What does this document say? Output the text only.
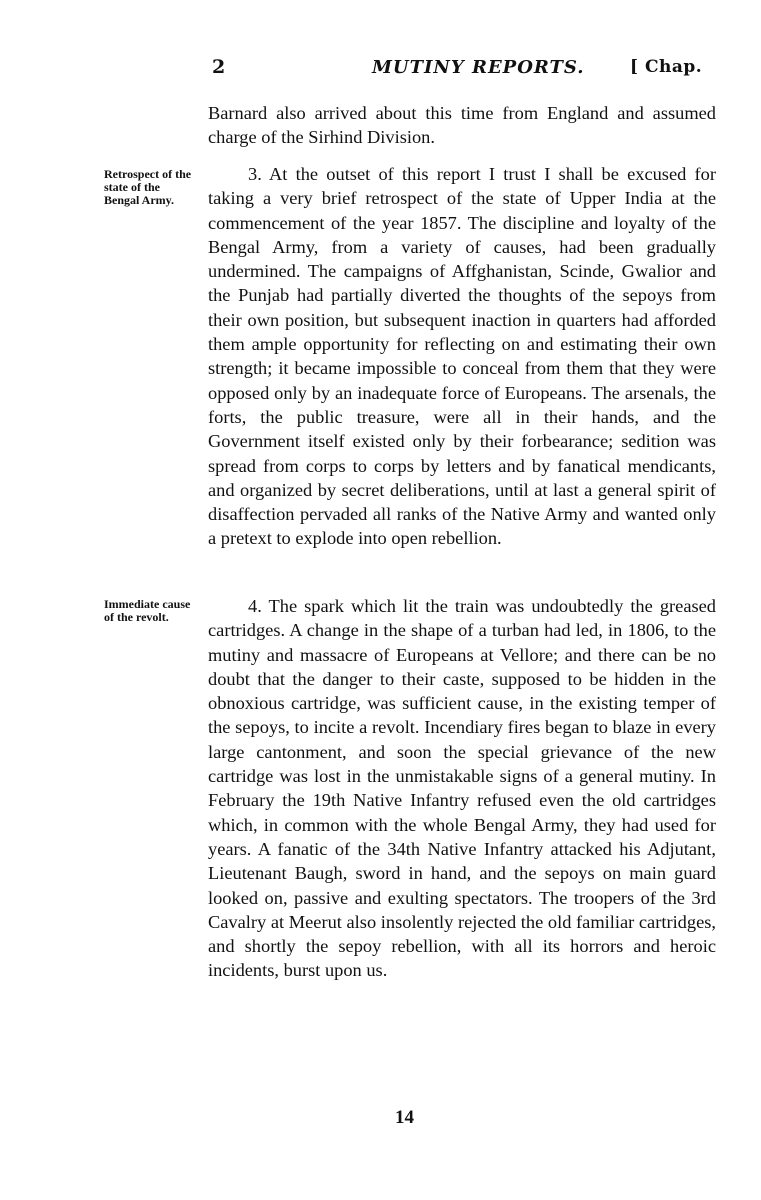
2	MUTINY REPORTS.	[ Chap.

Barnard also arrived about this time from England and assumed charge of the Sirhind Division.

Retrospect of the state of the Bengal Army.

3. At the outset of this report I trust I shall be excused for taking a very brief retrospect of the state of Upper India at the commencement of the year 1857. The discipline and loyalty of the Bengal Army, from a variety of causes, had been gradually undermined. The campaigns of Affghanistan, Scinde, Gwalior and the Punjab had partially diverted the thoughts of the sepoys from their own position, but subsequent inaction in quarters had afforded them ample opportunity for reflecting on and estimating their own strength; it became impossible to conceal from them that they were opposed only by an inadequate force of Europeans. The arsenals, the forts, the public treasure, were all in their hands, and the Government itself existed only by their forbearance; sedition was spread from corps to corps by letters and by fanatical mendicants, and organized by secret deliberations, until at last a general spirit of disaffection pervaded all ranks of the Native Army and wanted only a pretext to explode into open rebellion.

Immediate cause of the revolt.

4. The spark which lit the train was undoubtedly the greased cartridges. A change in the shape of a turban had led, in 1806, to the mutiny and massacre of Europeans at Vellore; and there can be no doubt that the danger to their caste, supposed to be hidden in the obnoxious cartridge, was sufficient cause, in the existing temper of the sepoys, to incite a revolt. Incendiary fires began to blaze in every large cantonment, and soon the special grievance of the new cartridge was lost in the unmistakable signs of a general mutiny. In February the 19th Native Infantry refused even the old cartridges which, in common with the whole Bengal Army, they had used for years. A fanatic of the 34th Native Infantry attacked his Adjutant, Lieutenant Baugh, sword in hand, and the sepoys on main guard looked on, passive and exulting spectators. The troopers of the 3rd Cavalry at Meerut also insolently rejected the old familiar cartridges, and shortly the sepoy rebellion, with all its horrors and heroic incidents, burst upon us.

14
